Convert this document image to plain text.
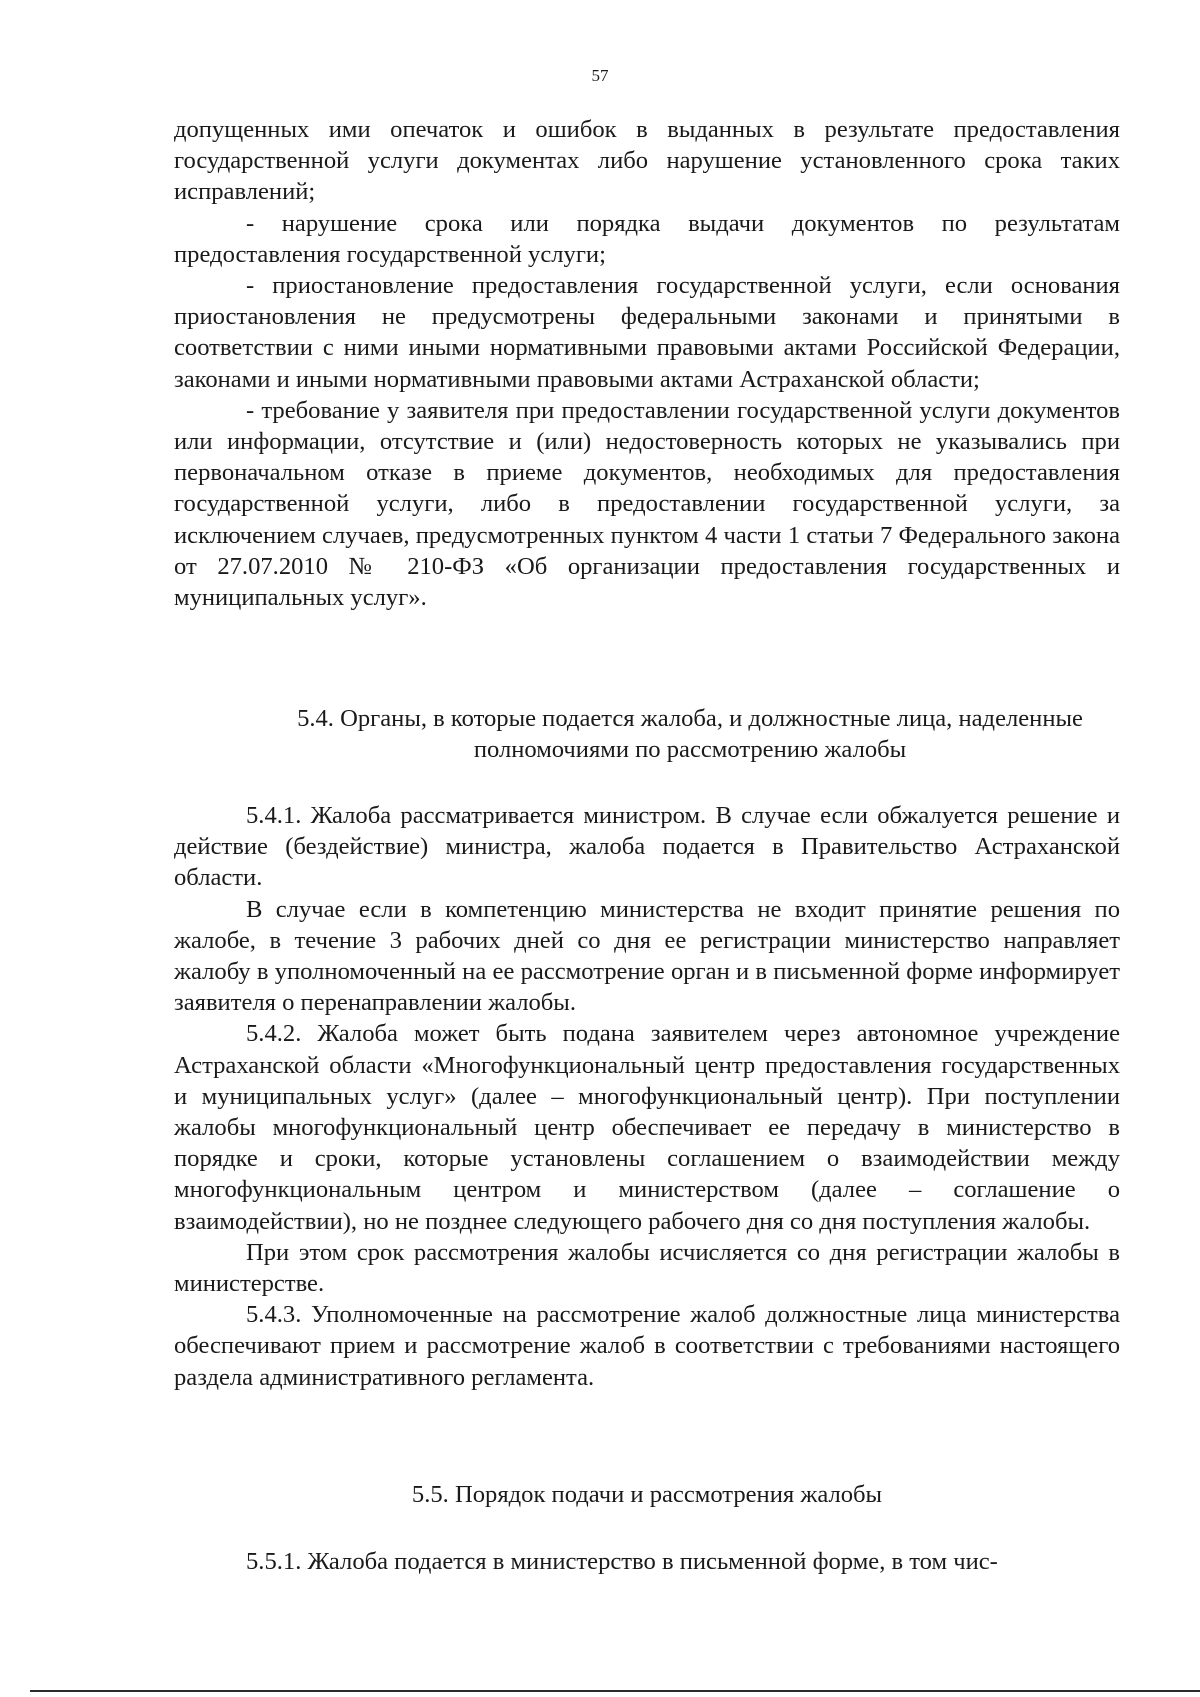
57

допущенных ими опечаток и ошибок в выданных в результате предоставления государственной услуги документах либо нарушение установленного срока таких исправлений;

- нарушение срока или порядка выдачи документов по результатам предоставления государственной услуги;

- приостановление предоставления государственной услуги, если основания приостановления не предусмотрены федеральными законами и принятыми в соответствии с ними иными нормативными правовыми актами Российской Федерации, законами и иными нормативными правовыми актами Астраханской области;

- требование у заявителя при предоставлении государственной услуги документов или информации, отсутствие и (или) недостоверность которых не указывались при первоначальном отказе в приеме документов, необходимых для предоставления государственной услуги, либо в предоставлении государственной услуги, за исключением случаев, предусмотренных пунктом 4 части 1 статьи 7 Федерального закона от 27.07.2010 № 210-ФЗ «Об организации предоставления государственных и муниципальных услуг».

5.4. Органы, в которые подается жалоба, и должностные лица, наделенные полномочиями по рассмотрению жалобы

5.4.1. Жалоба рассматривается министром. В случае если обжалуется решение и действие (бездействие) министра, жалоба подается в Правительство Астраханской области.

В случае если в компетенцию министерства не входит принятие решения по жалобе, в течение 3 рабочих дней со дня ее регистрации министерство направляет жалобу в уполномоченный на ее рассмотрение орган и в письменной форме информирует заявителя о перенаправлении жалобы.

5.4.2. Жалоба может быть подана заявителем через автономное учреждение Астраханской области «Многофункциональный центр предоставления государственных и муниципальных услуг» (далее – многофункциональный центр). При поступлении жалобы многофункциональный центр обеспечивает ее передачу в министерство в порядке и сроки, которые установлены соглашением о взаимодействии между многофункциональным центром и министерством (далее – соглашение о взаимодействии), но не позднее следующего рабочего дня со дня поступления жалобы.

При этом срок рассмотрения жалобы исчисляется со дня регистрации жалобы в министерстве.

5.4.3. Уполномоченные на рассмотрение жалоб должностные лица министерства обеспечивают прием и рассмотрение жалоб в соответствии с требованиями настоящего раздела административного регламента.

5.5. Порядок подачи и рассмотрения жалобы

5.5.1. Жалоба подается в министерство в письменной форме, в том чис-
